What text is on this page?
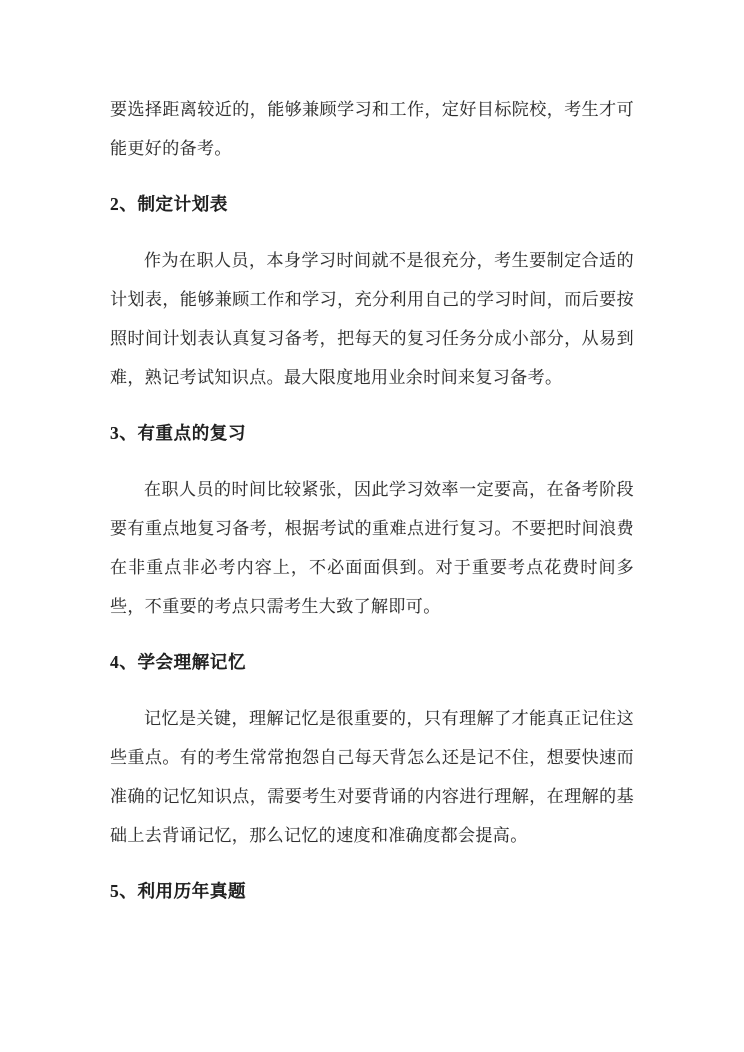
要选择距离较近的，能够兼顾学习和工作，定好目标院校，考生才可能更好的备考。

2、制定计划表

作为在职人员，本身学习时间就不是很充分，考生要制定合适的计划表，能够兼顾工作和学习，充分利用自己的学习时间，而后要按照时间计划表认真复习备考，把每天的复习任务分成小部分，从易到难，熟记考试知识点。最大限度地用业余时间来复习备考。

3、有重点的复习

在职人员的时间比较紧张，因此学习效率一定要高，在备考阶段要有重点地复习备考，根据考试的重难点进行复习。不要把时间浪费在非重点非必考内容上，不必面面俱到。对于重要考点花费时间多些，不重要的考点只需考生大致了解即可。

4、学会理解记忆

记忆是关键，理解记忆是很重要的，只有理解了才能真正记住这些重点。有的考生常常抱怨自己每天背怎么还是记不住，想要快速而准确的记忆知识点，需要考生对要背诵的内容进行理解，在理解的基础上去背诵记忆，那么记忆的速度和准确度都会提高。

5、利用历年真题
